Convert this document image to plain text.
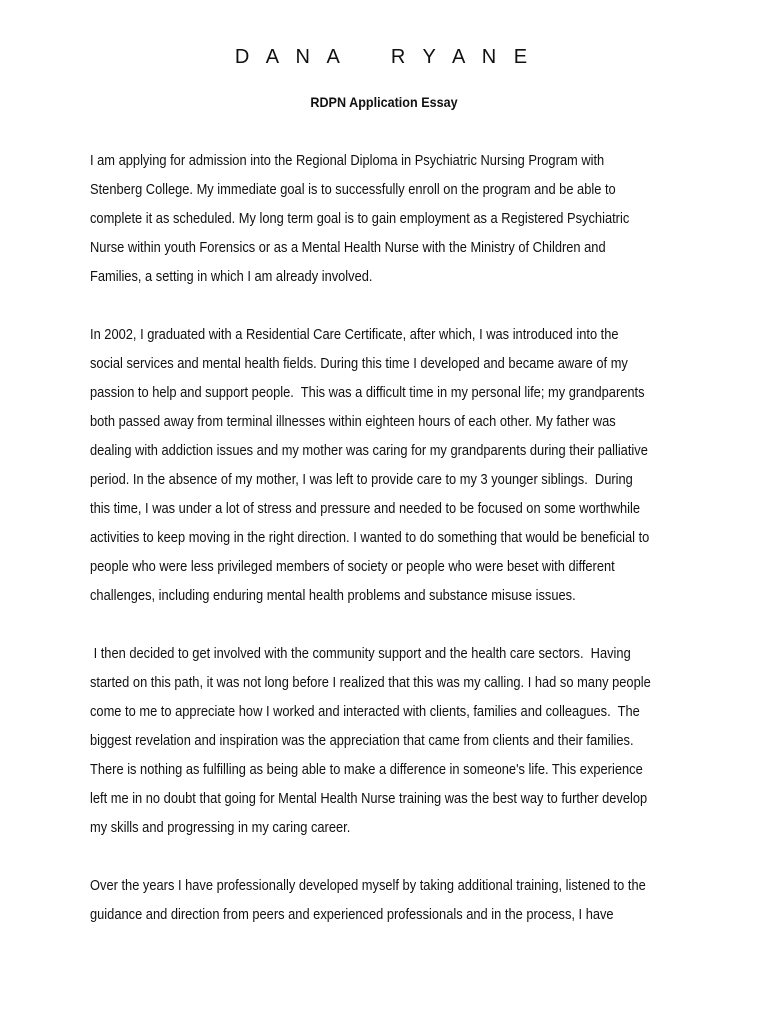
D A N A    R Y A N E
RDPN Application Essay
I am applying for admission into the Regional Diploma in Psychiatric Nursing Program with
Stenberg College. My immediate goal is to successfully enroll on the program and be able to
complete it as scheduled. My long term goal is to gain employment as a Registered Psychiatric
Nurse within youth Forensics or as a Mental Health Nurse with the Ministry of Children and
Families, a setting in which I am already involved.
In 2002, I graduated with a Residential Care Certificate, after which, I was introduced into the
social services and mental health fields. During this time I developed and became aware of my
passion to help and support people.  This was a difficult time in my personal life; my grandparents
both passed away from terminal illnesses within eighteen hours of each other. My father was
dealing with addiction issues and my mother was caring for my grandparents during their palliative
period. In the absence of my mother, I was left to provide care to my 3 younger siblings.  During
this time, I was under a lot of stress and pressure and needed to be focused on some worthwhile
activities to keep moving in the right direction. I wanted to do something that would be beneficial to
people who were less privileged members of society or people who were beset with different
challenges, including enduring mental health problems and substance misuse issues.
I then decided to get involved with the community support and the health care sectors.  Having
started on this path, it was not long before I realized that this was my calling. I had so many people
come to me to appreciate how I worked and interacted with clients, families and colleagues.  The
biggest revelation and inspiration was the appreciation that came from clients and their families.
There is nothing as fulfilling as being able to make a difference in someone's life. This experience
left me in no doubt that going for Mental Health Nurse training was the best way to further develop
my skills and progressing in my caring career.
Over the years I have professionally developed myself by taking additional training, listened to the
guidance and direction from peers and experienced professionals and in the process, I have
